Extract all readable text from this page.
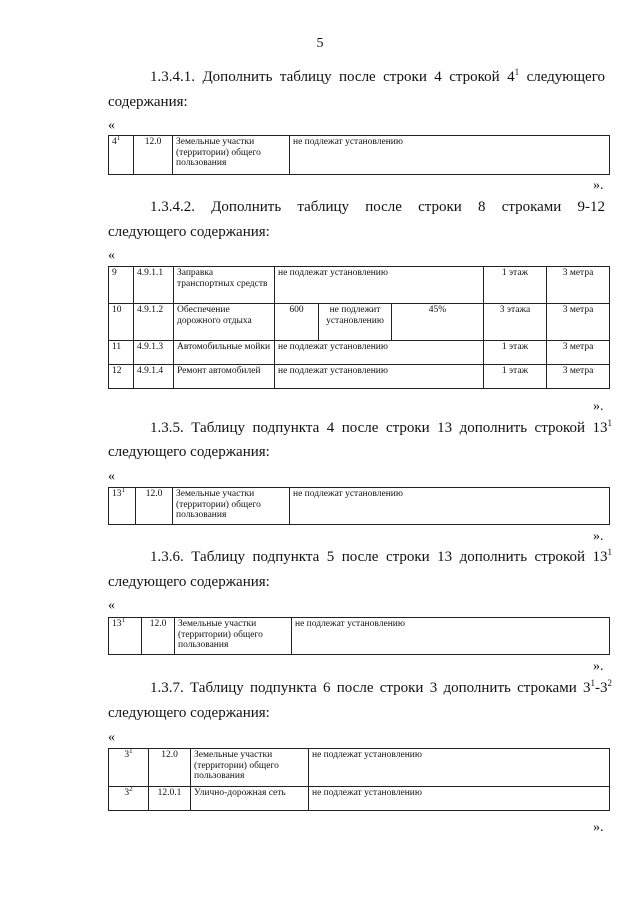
5
1.3.4.1. Дополнить таблицу после строки 4 строкой $4^1$ следующего
содержания:
«
$4^1$	12.0	Земельные участки (территории) общего пользования	не подлежат установлению
».
1.3.4.2. Дополнить таблицу после строки 8 строками 9-12
следующего содержания:
«
9	4.9.1.1	Заправка транспортных средств	не подлежат установлению			1 этаж	3 метра
10	4.9.1.2	Обеспечение дорожного отдыха	600	не подлежит установлению	45%	3 этажа	3 метра
11	4.9.1.3	Автомобильные мойки	не подлежат установлению			1 этаж	3 метра
12	4.9.1.4	Ремонт автомобилей	не подлежат установлению			1 этаж	3 метра
».
1.3.5. Таблицу подпункта 4 после строки 13 дополнить строкой $13^1$
следующего содержания:
«
$13^1$	12.0	Земельные участки (территории) общего пользования	не подлежат установлению
».
1.3.6. Таблицу подпункта 5 после строки 13 дополнить строкой $13^1$
следующего содержания:
«
$13^1$	12.0	Земельные участки (территории) общего пользования	не подлежат установлению
».
1.3.7. Таблицу подпункта 6 после строки 3 дополнить строками $3^1-3^2$
следующего содержания:
«
$3^1$	12.0	Земельные участки (территории) общего пользования	не подлежат установлению
$3^2$	12.0.1	Улично-дорожная сеть	не подлежат установлению
».
